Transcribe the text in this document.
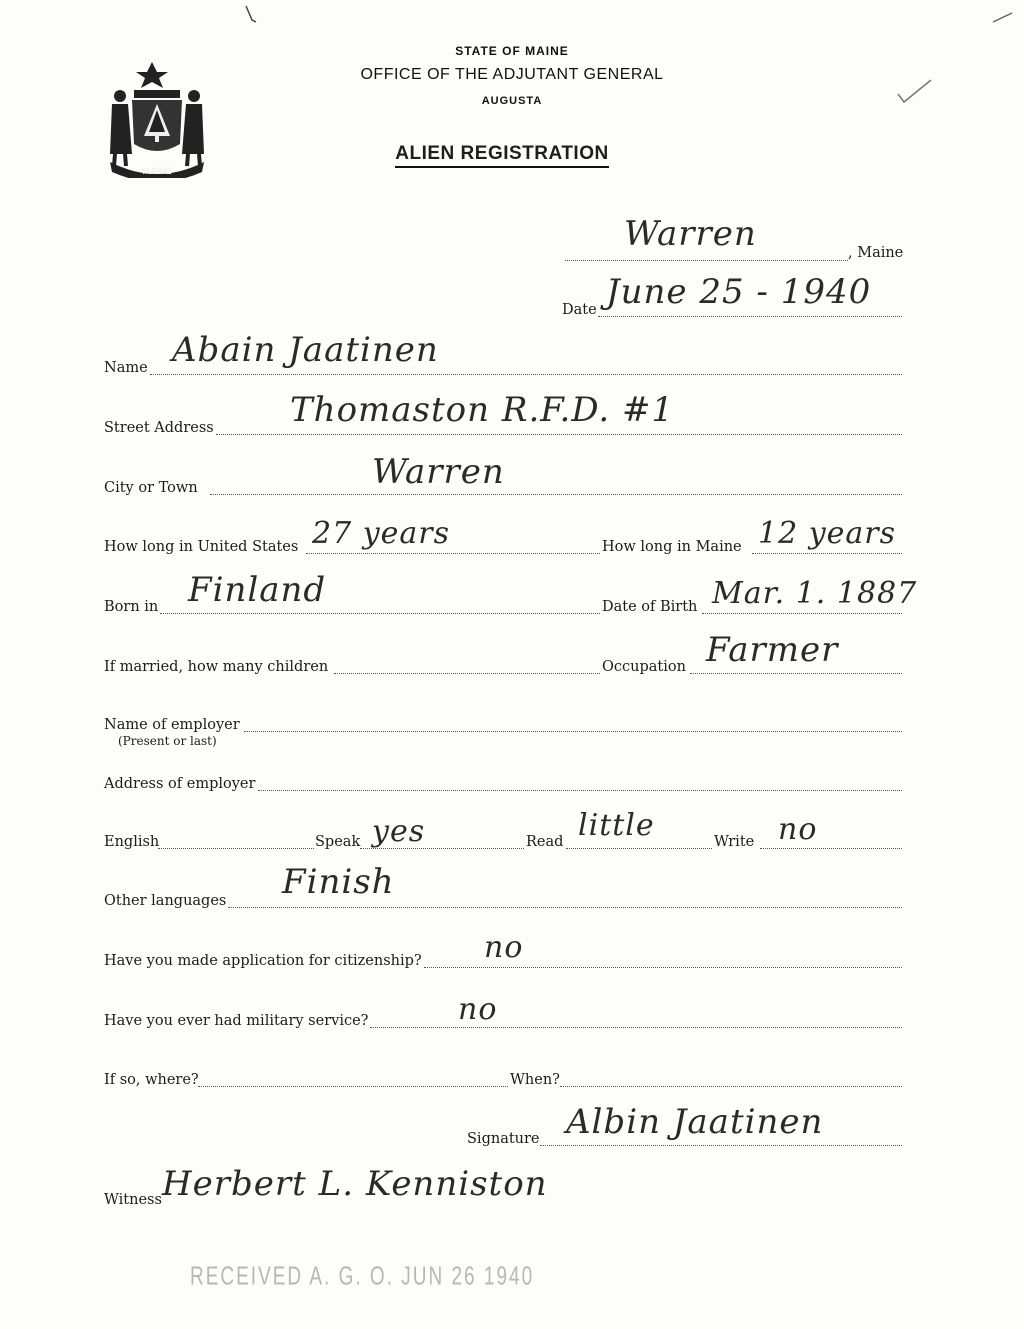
MAINE
STATE OF MAINE
OFFICE OF THE ADJUTANT GENERAL
AUGUSTA
ALIEN REGISTRATION
, Maine
Warren
Date June 25 - 1940
Name Abain Jaatinen
Street Address Thomaston R.F.D. #1
City or Town	Warren
How long in United States 27 years	How long in Maine 12 years
Born in Finland	Date of Birth Mar. 1. 1887
If married, how many children	Occupation Farmer
Name of employer
(Present or last)
Address of employer
English	Speak yes	Read little	Write no
Other languages Finish
Have you made application for citizenship? no
Have you ever had military service?	no
If so, where?	When?
Signature Albin Jaatinen
Witness Herbert L. Kenniston
RECEIVED A. G. O. JUN 26 1940
